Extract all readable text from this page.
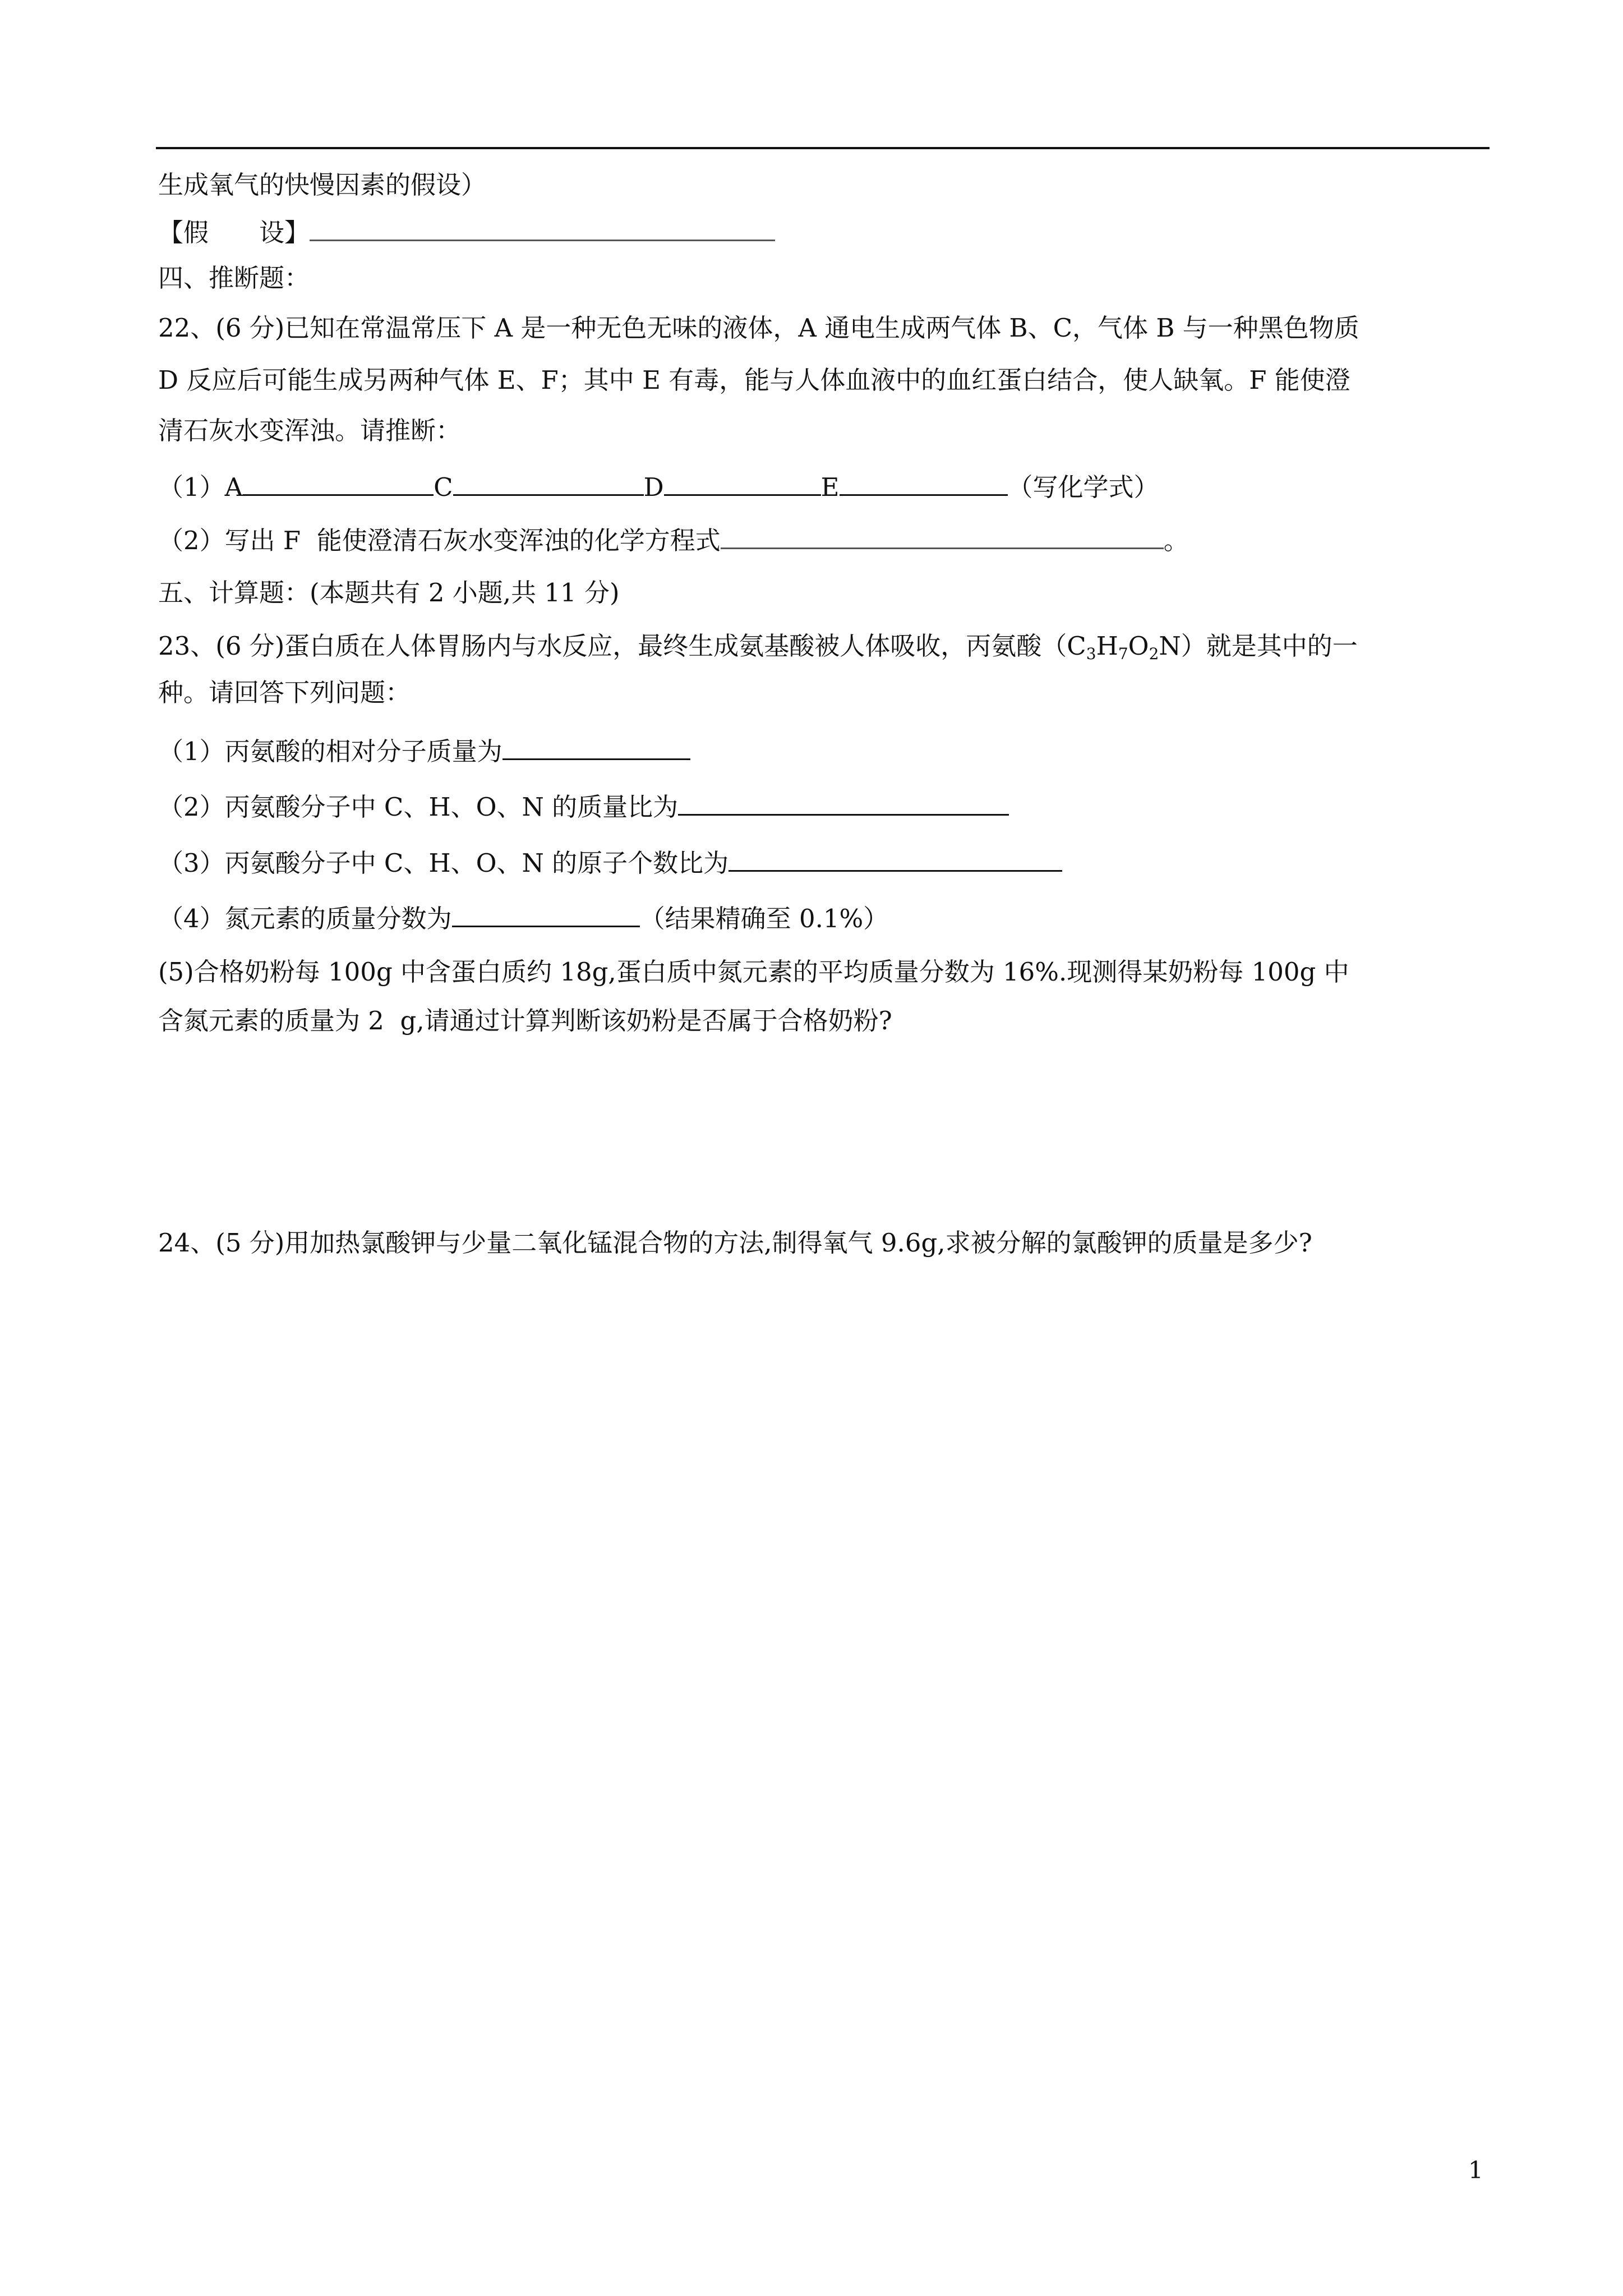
生成氧气的快慢因素的假设）
【假　　设】
四、推断题：
22、(6 分)已知在常温常压下 A 是一种无色无味的液体，A 通电生成两气体 B、C，气体 B 与一种黑色物质
D 反应后可能生成另两种气体 E、F；其中 E 有毒，能与人体血液中的血红蛋白结合，使人缺氧。F 能使澄
清石灰水变浑浊。请推断：
（1）A	C	D	E	（写化学式）
（2）写出 F  能使澄清石灰水变浑浊的化学方程式	。
五、计算题：(本题共有 2 小题,共 11 分)
23、(6 分)蛋白质在人体胃肠内与水反应，最终生成氨基酸被人体吸收，丙氨酸$(C_3H_7O_2N)$就是其中的一
种。请回答下列问题：
（1）丙氨酸的相对分子质量为
（2）丙氨酸分子中 C、H、O、N 的质量比为
（3）丙氨酸分子中 C、H、O、N 的原子个数比为
（4）氮元素的质量分数为	（结果精确至 0.1%）
(5)合格奶粉每 100g 中含蛋白质约 18g,蛋白质中氮元素的平均质量分数为 16%.现测得某奶粉每 100g 中
含氮元素的质量为 2  g,请通过计算判断该奶粉是否属于合格奶粉?
24、(5 分)用加热氯酸钾与少量二氧化锰混合物的方法,制得氧气 9.6g,求被分解的氯酸钾的质量是多少?
1
